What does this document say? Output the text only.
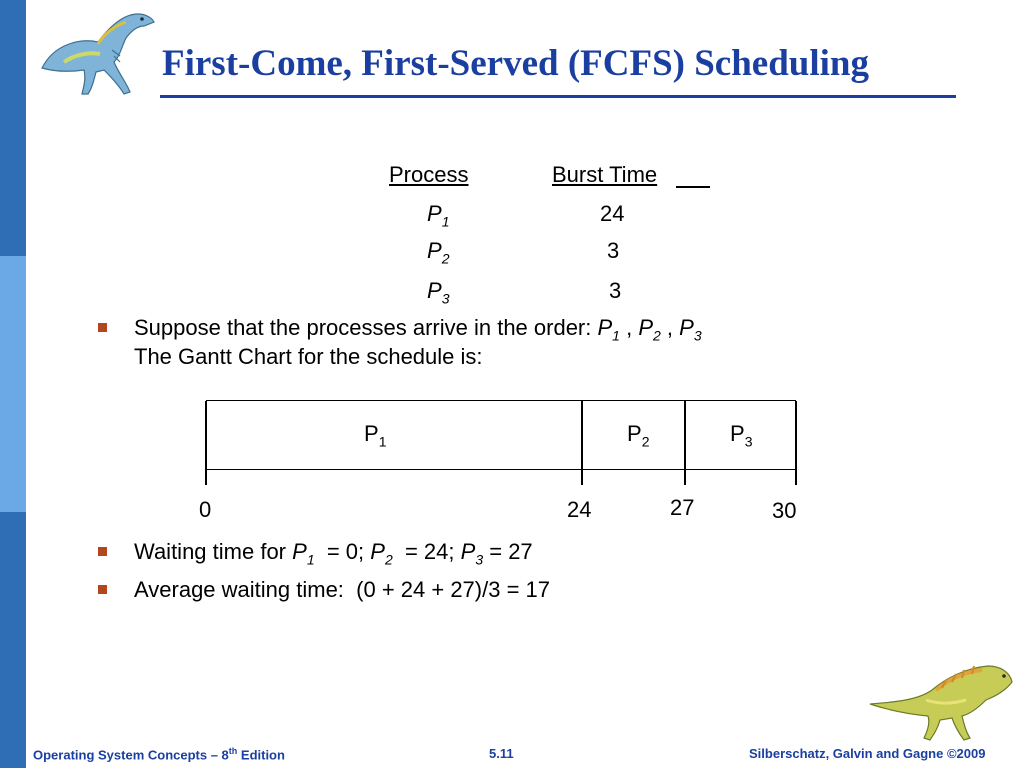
First-Come, First-Served (FCFS) Scheduling
Process	Burst Time
$P_1$	24
$P_2$	3
$P_3$	3
Suppose that the processes arrive in the order: $P_1$ , $P_2$ , $P_3$
The Gantt Chart for the schedule is:
$P_1$	$P_2$	$P_3$
0	24	27	30
Waiting time for $P_1 = 0$; $P_2 = 24$; $P_3 = 27$
Average waiting time:  (0 + 24 + 27)/3 = 17
Operating System Concepts – 8th Edition	5.11	Silberschatz, Galvin and Gagne ©2009
